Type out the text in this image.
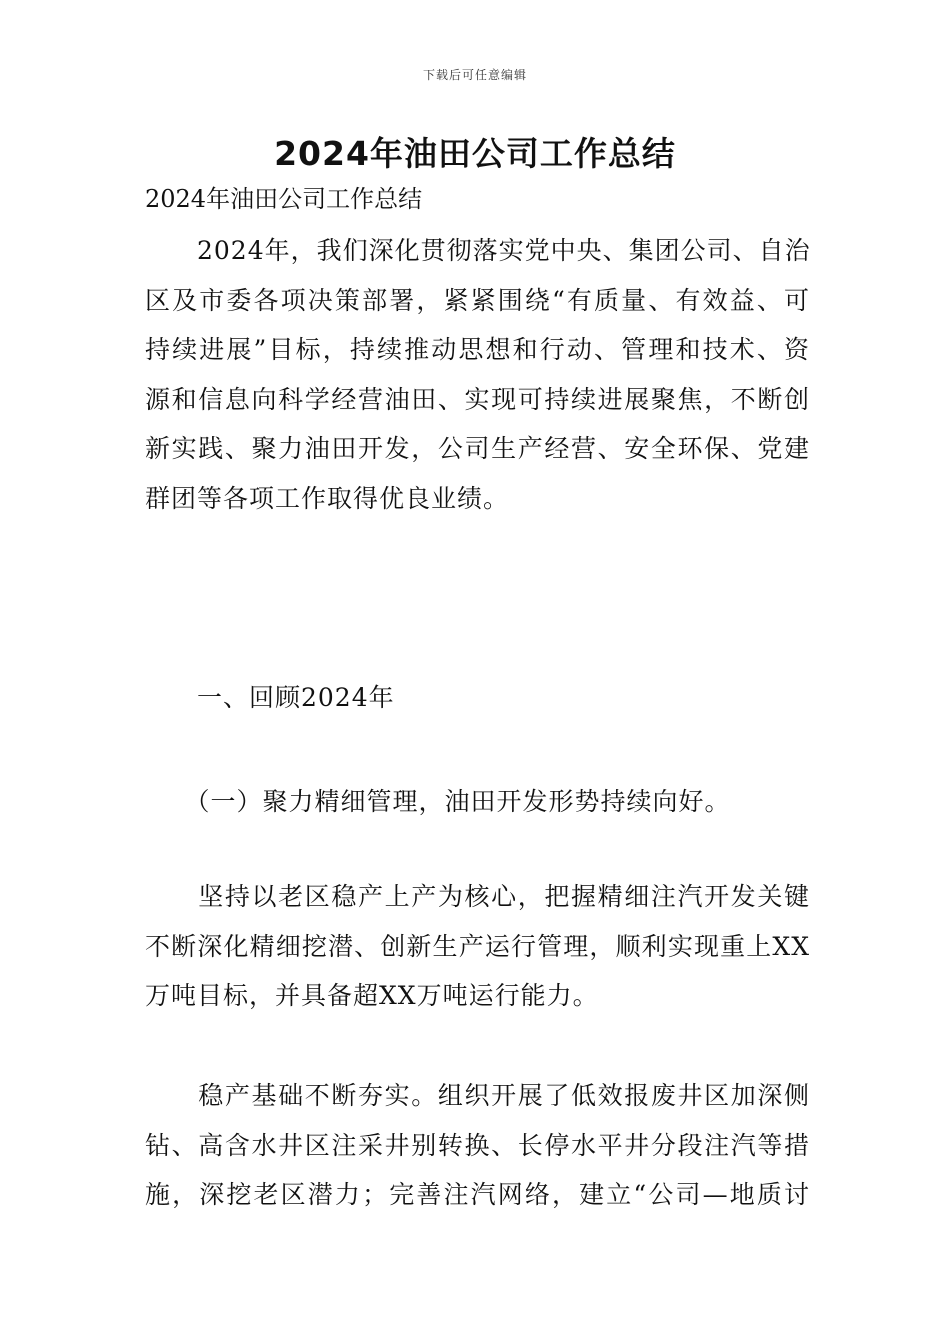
下载后可任意编辑
2024年油田公司工作总结
2024年油田公司工作总结
　　2024年，我们深化贯彻落实党中央、集团公司、自治
区及市委各项决策部署，紧紧围绕“有质量、有效益、可
持续进展”目标，持续推动思想和行动、管理和技术、资
源和信息向科学经营油田、实现可持续进展聚焦，不断创
新实践、聚力油田开发，公司生产经营、安全环保、党建
群团等各项工作取得优良业绩。
　　一、回顾2024年
　　（一）聚力精细管理，油田开发形势持续向好。
　　坚持以老区稳产上产为核心，把握精细注汽开发关键
不断深化精细挖潜、创新生产运行管理，顺利实现重上XX
万吨目标，并具备超XX万吨运行能力。
　　稳产基础不断夯实。组织开展了低效报废井区加深侧
钻、高含水井区注采井别转换、长停水平井分段注汽等措
施，深挖老区潜力；完善注汽网络，建立“公司—地质讨
